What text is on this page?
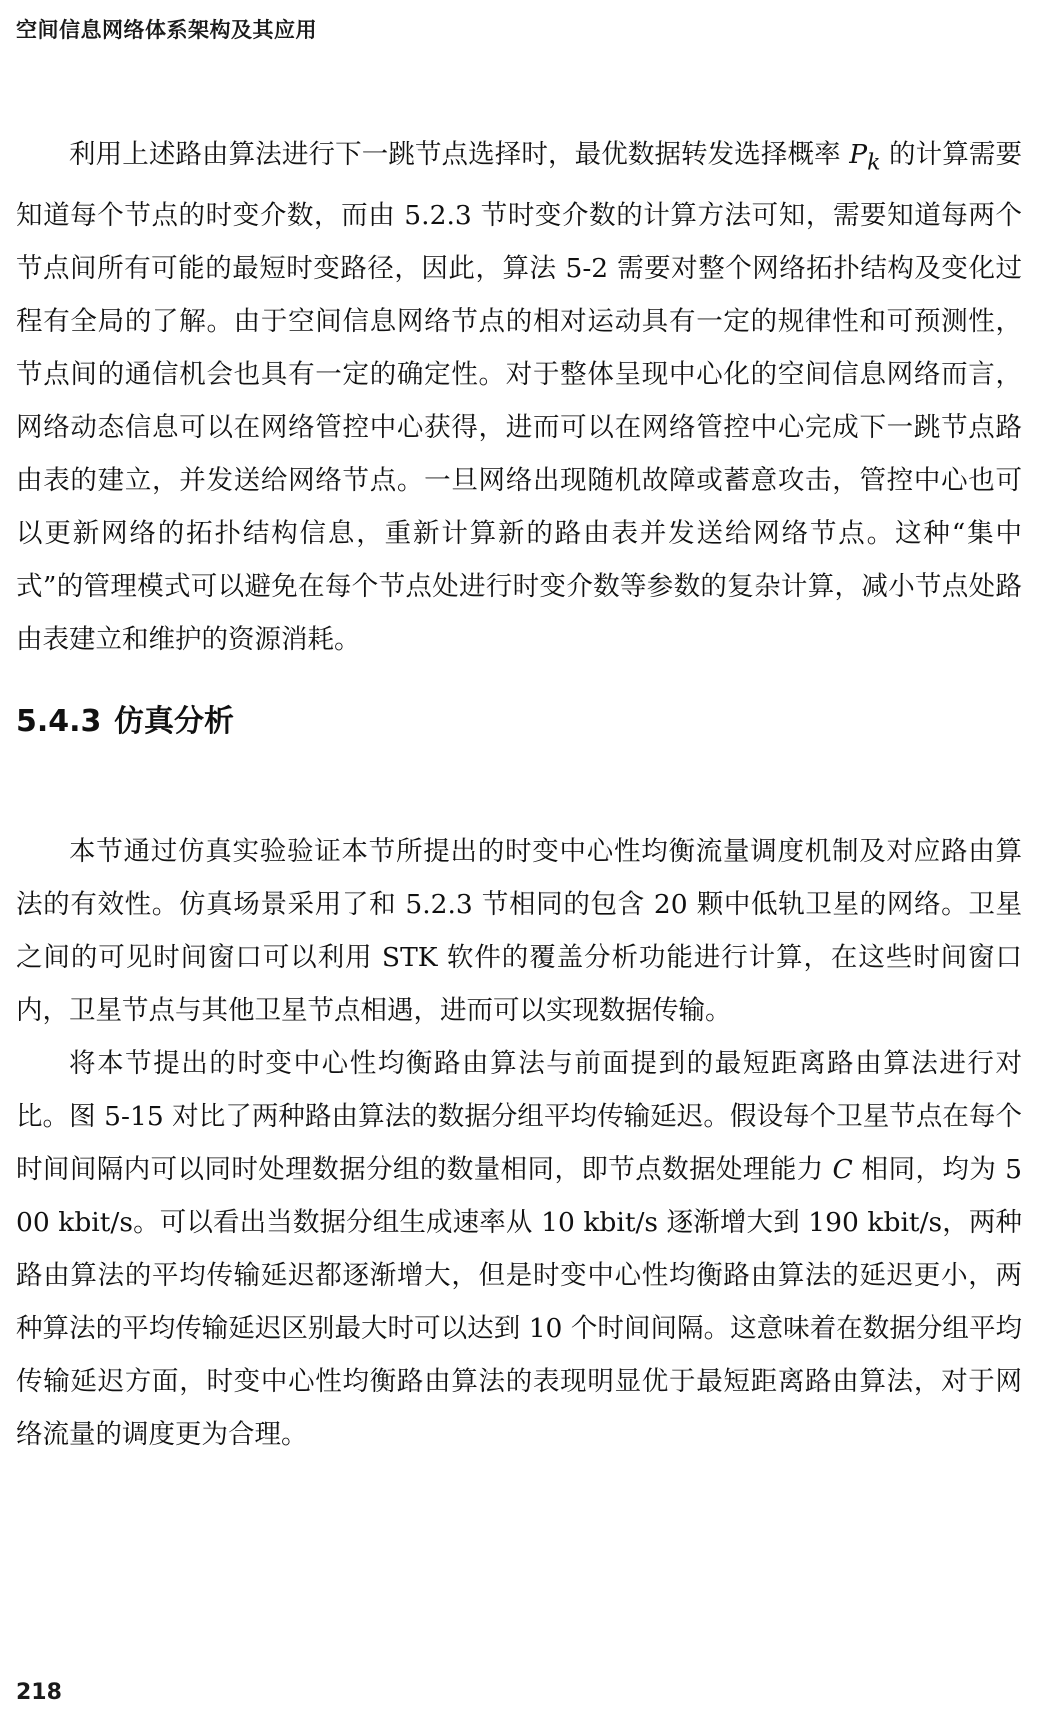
空间信息网络体系架构及其应用

利用上述路由算法进行下一跳节点选择时，最优数据转发选择概率 $P_k$ 的计算需要知道每个节点的时变介数，而由 5.2.3 节时变介数的计算方法可知，需要知道每两个节点间所有可能的最短时变路径，因此，算法 5-2 需要对整个网络拓扑结构及变化过程有全局的了解。由于空间信息网络节点的相对运动具有一定的规律性和可预测性，节点间的通信机会也具有一定的确定性。对于整体呈现中心化的空间信息网络而言，网络动态信息可以在网络管控中心获得，进而可以在网络管控中心完成下一跳节点路由表的建立，并发送给网络节点。一旦网络出现随机故障或蓄意攻击，管控中心也可以更新网络的拓扑结构信息，重新计算新的路由表并发送给网络节点。这种“集中式”的管理模式可以避免在每个节点处进行时变介数等参数的复杂计算，减小节点处路由表建立和维护的资源消耗。

5.4.3 仿真分析

本节通过仿真实验验证本节所提出的时变中心性均衡流量调度机制及对应路由算法的有效性。仿真场景采用了和 5.2.3 节相同的包含 20 颗中低轨卫星的网络。卫星之间的可见时间窗口可以利用 STK 软件的覆盖分析功能进行计算，在这些时间窗口内，卫星节点与其他卫星节点相遇，进而可以实现数据传输。

将本节提出的时变中心性均衡路由算法与前面提到的最短距离路由算法进行对比。图 5-15 对比了两种路由算法的数据分组平均传输延迟。假设每个卫星节点在每个时间间隔内可以同时处理数据分组的数量相同，即节点数据处理能力 C 相同，均为 500 kbit/s。可以看出当数据分组生成速率从 10 kbit/s 逐渐增大到 190 kbit/s，两种路由算法的平均传输延迟都逐渐增大，但是时变中心性均衡路由算法的延迟更小，两种算法的平均传输延迟区别最大时可以达到 10 个时间间隔。这意味着在数据分组平均传输延迟方面，时变中心性均衡路由算法的表现明显优于最短距离路由算法，对于网络流量的调度更为合理。

218
